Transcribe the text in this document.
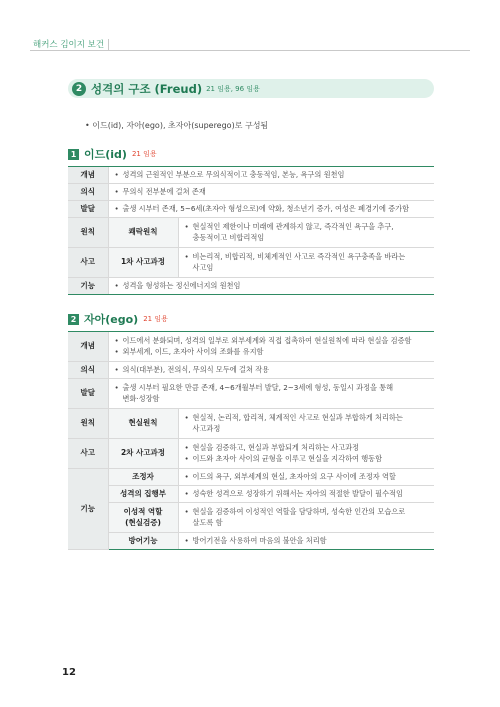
해커스 김이지 보건
2 성격의 구조 (Freud) 21 임용, 96 임용
• 이드(id), 자아(ego), 초자아(superego)로 구성됨
1 이드(id) 21 임용
개념	• 성격의 근원적인 부분으로 무의식적이고 충동적임, 본능, 욕구의 원천임	

의식	• 무의식 전부분에 걸쳐 존재	

발달	• 출생 시부터 존재, 5~6세(초자아 형성으로)에 약화, 청소년기 증가, 여성은 폐경기에 증가함	

원칙	쾌락원칙	• 현실적인 제한이나 미래에 관계하지 않고, 즉각적인 욕구을 추구,
충동적이고 비합리적임

사고	1차 사고과정	• 비논리적, 비합리적, 비체계적인 사고로 즉각적인 욕구충족을 바라는
사고임

기능	• 성격을 형성하는 정신에너지의 원천임	
2 자아(ego) 21 임용
개념	• 이드에서 분화되며, 성격의 일부로 외부세계와 직접 접촉하여 현실원칙에 따라 현실을 검증함
• 외부세계, 이드, 초자아 사이의 조화를 유지함	

의식	• 의식(대부분), 전의식, 무의식 모두에 걸쳐 작용	

발달	• 출생 시부터 필요한 만큼 존재, 4~6개월부터 발달, 2~3세에 형성, 동일시 과정을 통해
변화·성장함	

원칙	현실원칙	• 현실적, 논리적, 합리적, 체계적인 사고로 현실과 부합하게 처리하는
사고과정

사고	2차 사고과정	• 현실을 검증하고, 현실과 부합되게 처리하는 사고과정
• 이드와 초자아 사이의 균형을 이루고 현실을 지각하여 행동함

기능	조정자	• 이드의 욕구, 외부세계의 현실, 초자아의 요구 사이에 조정자 역할

	성격의 집행부	• 성숙한 성격으로 성장하기 위해서는 자아의 적절한 발달이 필수적임

	이성적 역할
(현실검증)	• 현실을 검증하여 이성적인 역할을 담당하며, 성숙한 인간의 모습으로
살도록 함

	방어기능	• 방어기전을 사용하여 마음의 불안을 처리함
12
